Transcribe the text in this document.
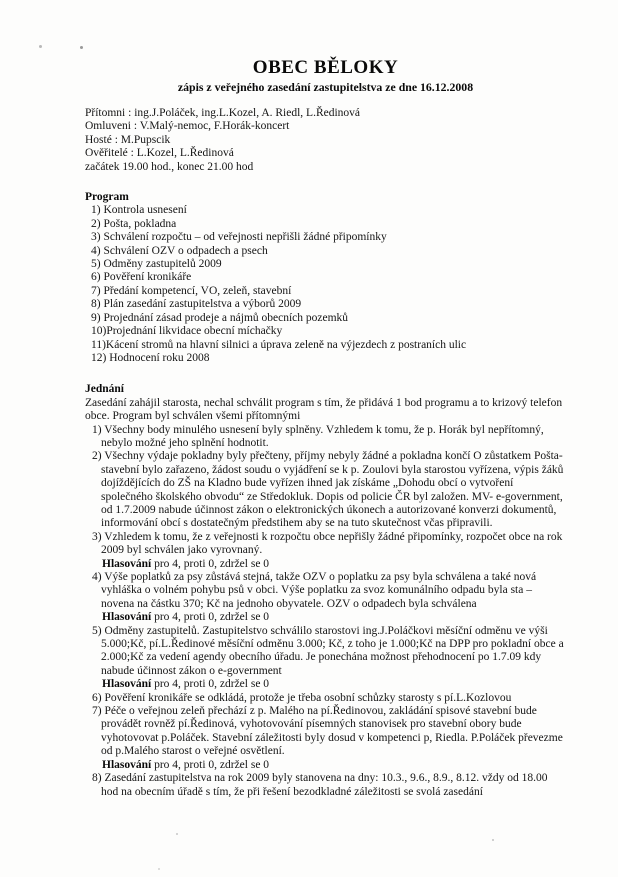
OBEC BĚLOKY
zápis z veřejného zasedání zastupitelstva ze dne 16.12.2008
Přítomni : ing.J.Poláček, ing.L.Kozel, A. Riedl, L.Ředinová
Omluveni : V.Malý-nemoc, F.Horák-koncert
Hosté : M.Pupscik
Ověřitelé : L.Kozel, L.Ředinová
začátek 19.00 hod., konec 21.00 hod
Program
1) Kontrola usnesení
2) Pošta, pokladna
3) Schválení rozpočtu – od veřejnosti nepřišli žádné připomínky
4) Schválení OZV o odpadech a psech
5) Odměny zastupitelů 2009
6) Pověření kronikáře
7) Předání kompetencí, VO, zeleň, stavební
8) Plán zasedání zastupitelstva a výborů 2009
9) Projednání zásad prodeje a nájmů obecních pozemků
10)Projednání likvidace obecní míchačky
11)Kácení stromů na hlavní silnici a úprava zeleně na výjezdech z postraních ulic
12) Hodnocení roku 2008
Jednání
Zasedání zahájil starosta, nechal schválit program s tím, že přidává 1 bod programu a to krizový telefon obce. Program byl schválen všemi přítomnými
1) Všechny body minulého usnesení byly splněny. Vzhledem k tomu, že p. Horák byl nepřítomný, nebylo možné jeho splnění hodnotit.
2) Všechny výdaje pokladny byly přečteny, příjmy nebyly žádné a pokladna končí O zůstatkem Pošta- stavební bylo zařazeno, žádost soudu o vyjádření se k p. Zoulovi byla starostou vyřízena, výpis žáků dojíždějících do ZŠ na Kladno bude vyřízen ihned jak získáme „Dohodu obcí o vytvoření společného školského obvodu“ ze Středokluk. Dopis od policie ČR byl založen. MV- e-government, od 1.7.2009 nabude účinnost zákon o elektronických úkonech a autorizované konverzi dokumentů, informování obcí s dostatečným předstihem aby se na tuto skutečnost včas připravili.
3) Vzhledem k tomu, že z veřejnosti k rozpočtu obce nepřišly žádné připomínky, rozpočet obce na rok 2009 byl schválen jako vyrovnaný.
Hlasování pro 4, proti 0, zdržel se 0
4) Výše poplatků za psy zůstává stejná, takže OZV o poplatku za psy byla schválena a také nová vyhláška o volném pohybu psů v obci. Výše poplatku za svoz komunálního odpadu byla sta – novena na částku 370; Kč na jednoho obyvatele. OZV o odpadech byla schválena
Hlasování pro 4, proti 0, zdržel se 0
5) Odměny zastupitelů. Zastupitelstvo schválilo starostovi ing.J.Poláčkovi měsíční odměnu ve výši 5.000;Kč, pí.L.Ředinové měsíční odměnu 3.000; Kč, z toho je 1.000;Kč na DPP pro pokladní obce a 2.000;Kč za vedení agendy obecního úřadu. Je ponechána možnost přehodnocení po 1.7.09 kdy nabude účinnost zákon o e-government
Hlasování pro 4, proti 0, zdržel se 0
6) Pověření kronikáře se odkládá, protože je třeba osobní schůzky starosty s pí.L.Kozlovou
7) Péče o veřejnou zeleň přechází z p. Malého na pí.Ředinovou, zakládání spisové stavební bude provádět rovněž pí.Ředinová, vyhotovování písemných stanovisek pro stavební obory bude vyhotovovat p.Poláček. Stavební záležitosti byly dosud v kompetenci p, Riedla. P.Poláček převezme od p.Malého starost o veřejné osvětlení.
Hlasování pro 4, proti 0, zdržel se 0
8) Zasedání zastupitelstva na rok 2009 byly stanovena na dny: 10.3., 9.6., 8.9., 8.12. vždy od 18.00 hod na obecním úřadě s tím, že při řešení bezodkladné záležitosti se svolá zasedání
